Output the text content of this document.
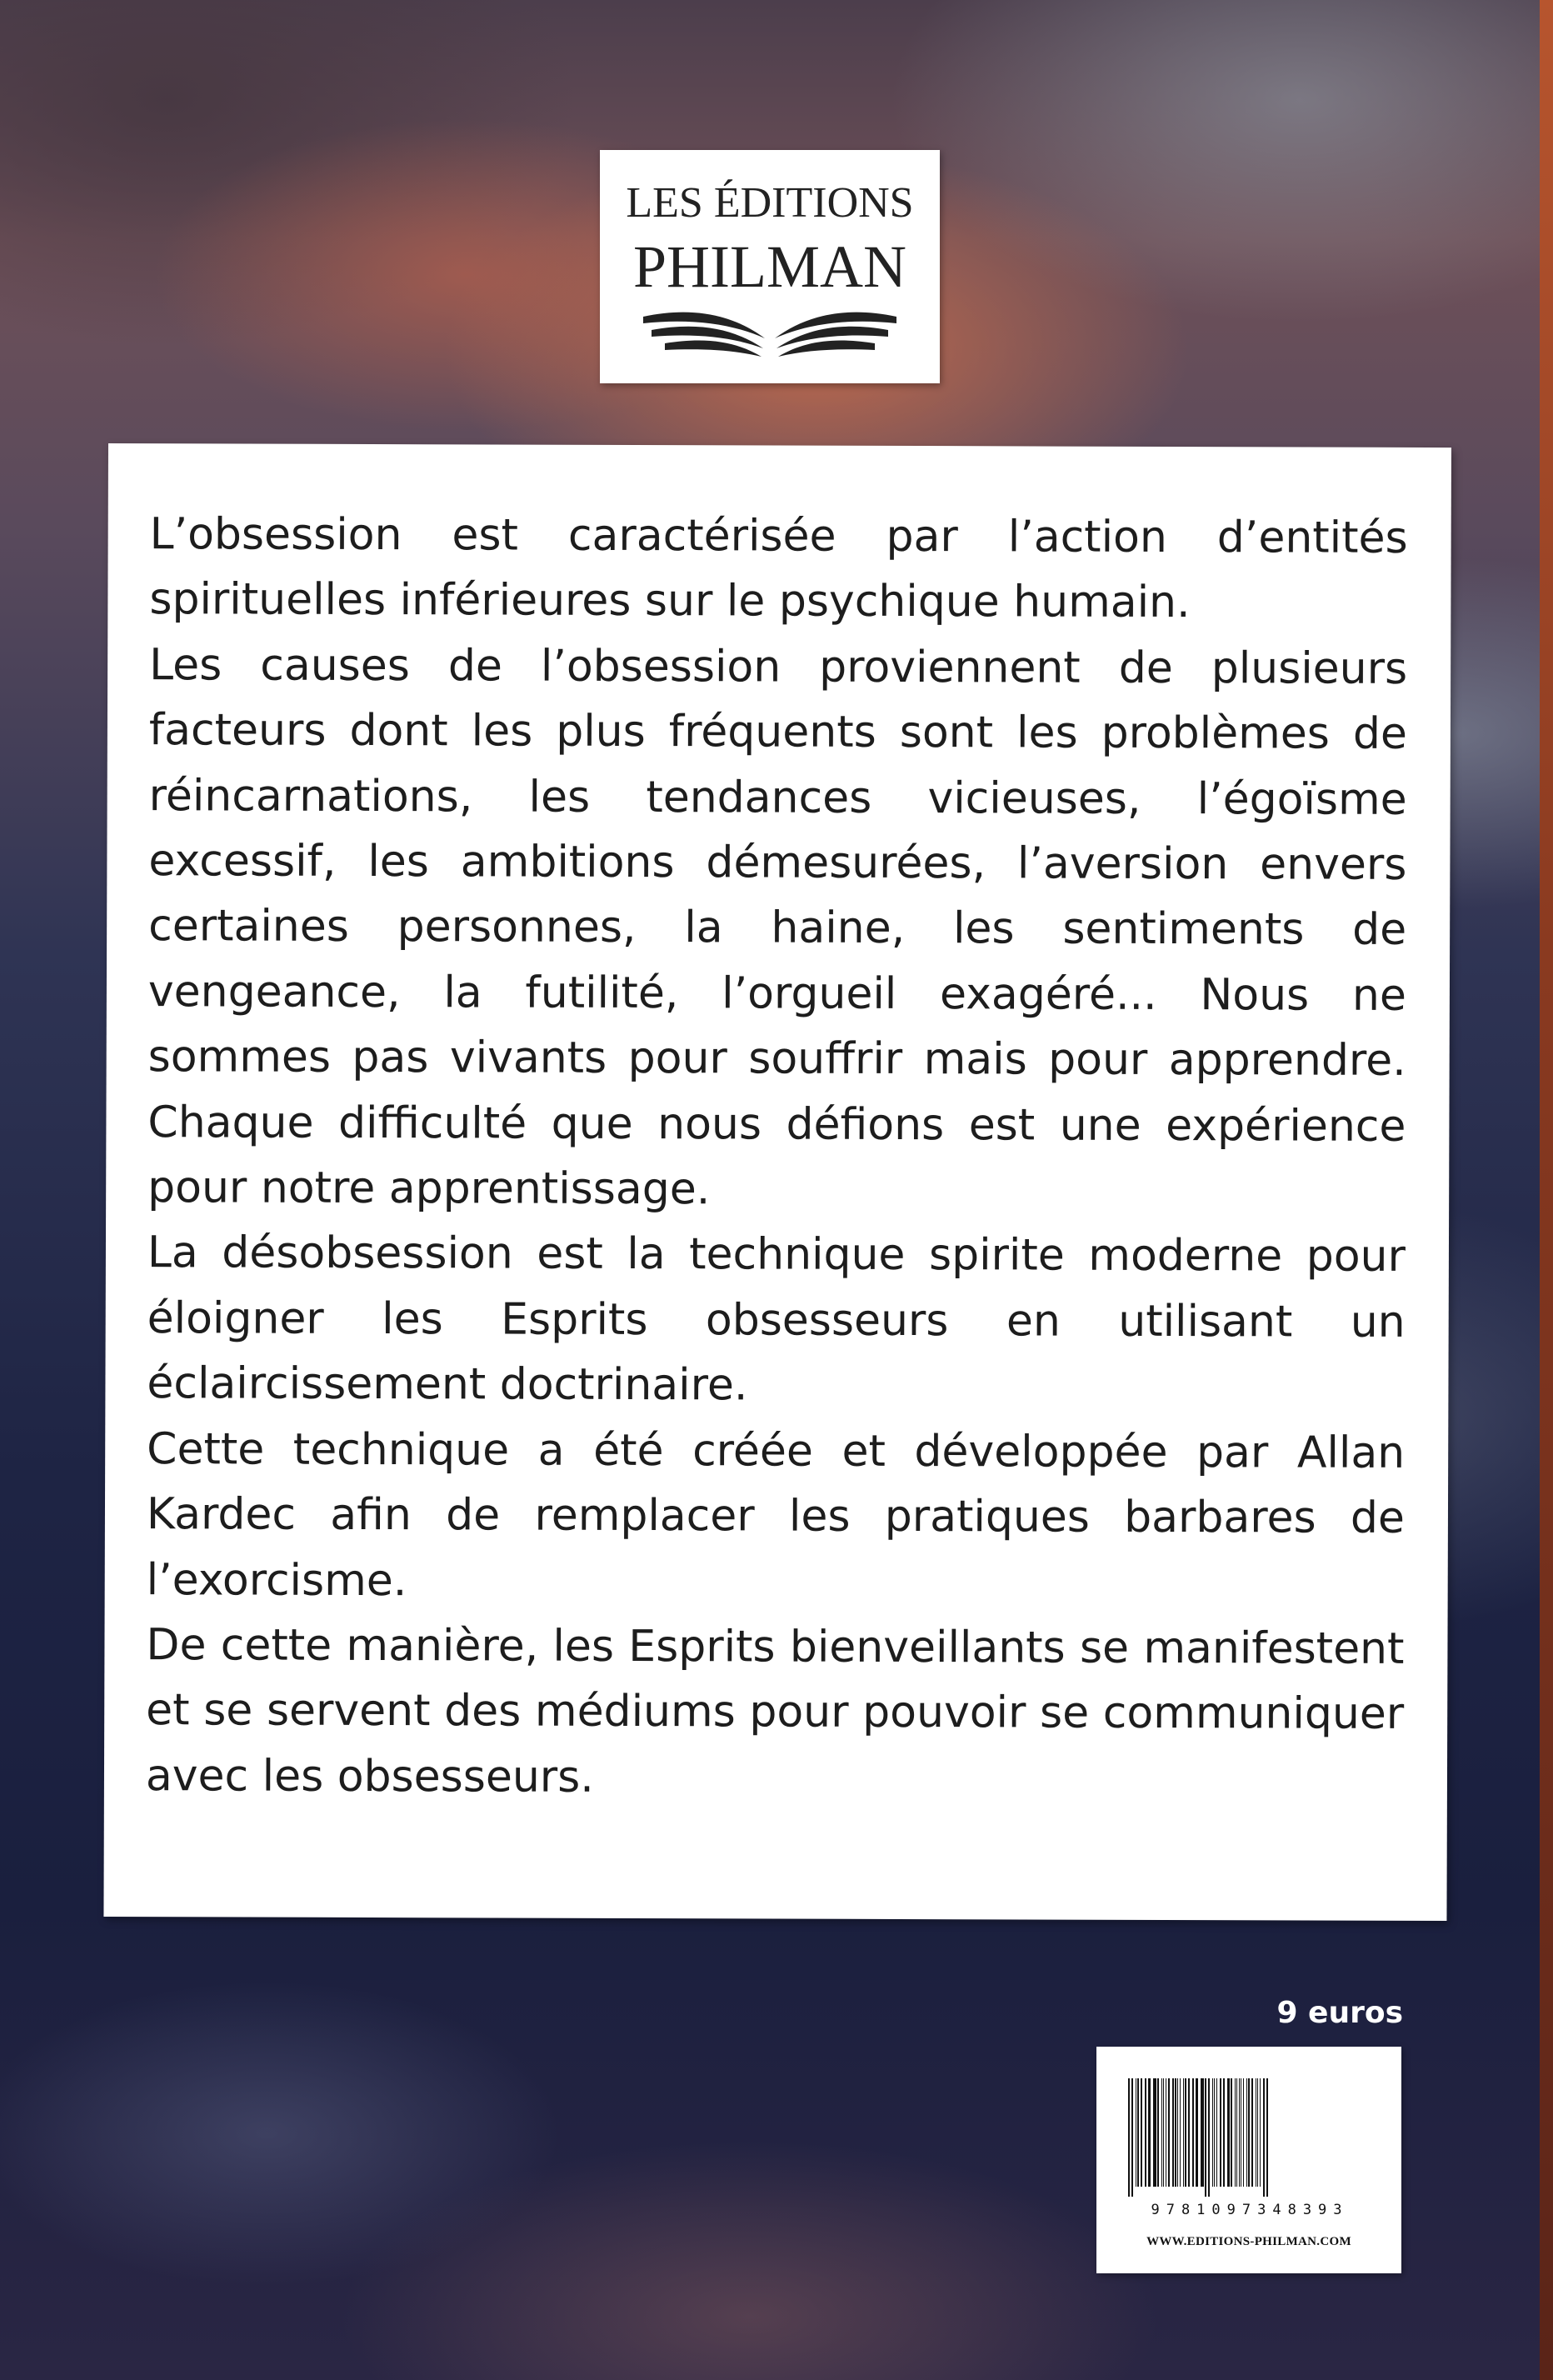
LES ÉDITIONS
PHILMAN

L’obsession est caractérisée par l’action d’entités spirituelles inférieures sur le psychique humain.

Les causes de l’obsession proviennent de plusieurs facteurs dont les plus fréquents sont les problèmes de réincarnations, les tendances vicieuses, l’égoïsme excessif, les ambitions démesurées, l’aversion envers certaines personnes, la haine, les sentiments de vengeance, la futilité, l’orgueil exagéré... Nous ne sommes pas vivants pour souffrir mais pour apprendre. Chaque difficulté que nous défions est une expérience pour notre apprentissage.

La désobsession est la technique spirite moderne pour éloigner les Esprits obsesseurs en utilisant un éclaircissement doctrinaire.

Cette technique a été créée et développée par Allan Kardec afin de remplacer les pratiques barbares de l’exorcisme.

De cette manière, les Esprits bienveillants se manifestent et se servent des médiums pour pouvoir se communiquer avec les obsesseurs.

9 euros
9781097348393
WWW.EDITIONS-PHILMAN.COM
